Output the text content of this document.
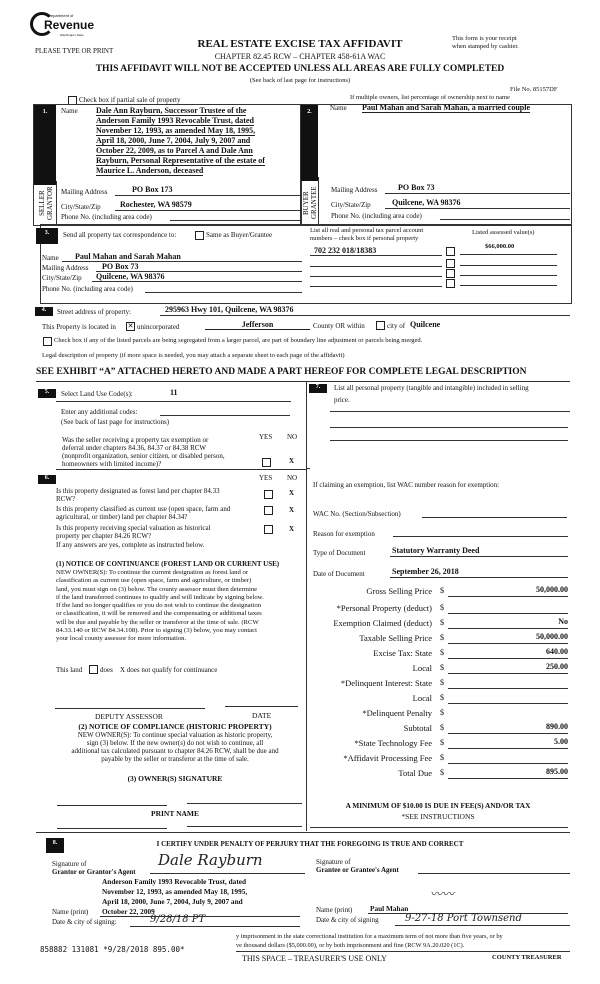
Department of
Revenue
Washington State
PLEASE TYPE OR PRINT
REAL ESTATE EXCISE TAX AFFIDAVIT
CHAPTER 82.45 RCW – CHAPTER 458-61A WAC
This form is your receipt
when stamped by cashier.
THIS AFFIDAVIT WILL NOT BE ACCEPTED UNLESS ALL AREAS ARE FULLY COMPLETED
(See back of last page for instructions)
File No. 85157DF
Check box if partial sale of property	If multiple owners, list percentage of ownership next to name
1.
SELLER
GRANTOR
Name Dale Ann Rayburn, Successor Trustee of the
Anderson Family 1993 Revocable Trust, dated
November 12, 1993, as amended May 18, 1995,
April 18, 2000, June 7, 2004, July 9, 2007 and
October 22, 2009, as to Parcel A and Dale Ann
Rayburn, Personal Representative of the estate of
Maurice L. Anderson, deceased
Mailing Address	PO Box 173
City/State/Zip Rochester, WA 98579
Phone No. (including area code)
2.
BUYER
GRANTEE
Name Paul Mahan and Sarah Mahan, a married couple
Mailing Address	PO Box 73
City/State/Zip	Quilcene, WA 98376
Phone No. (including area code)
3.	Send all property tax correspondence to:	Same as Buyer/Grantee
Name Paul Mahan and Sarah Mahan
Mailing Address PO Box 73
City/State/Zip Quilcene, WA 98376
Phone No. (including area code)
List all real and personal tax parcel account
numbers – check box if personal property
Listed assessed value(s)
702 232 018/18383	$66,000.00
4.	Street address of property:	295963 Hwy 101, Quilcene, WA 98376
This Property is located in ✕ unincorporated	Jefferson	County OR within	city of Quilcene
Check box if any of the listed parcels are being segregated from a larger parcel, are part of boundary line adjustment or parcels being merged.
Legal description of property (if more space is needed, you may attach a separate sheet to each page of the affidavit)
SEE EXHIBIT “A” ATTACHED HERETO AND MADE A PART HEREOF FOR COMPLETE LEGAL DESCRIPTION
5.	Select Land Use Code(s):	11
Enter any additional codes:
(See back of last page for instructions)
YES NO
Was the seller receiving a property tax exemption or
deferral under chapters 84.36, 84.37 or 84.38 RCW
(nonprofit organization, senior citizen, or disabled person,
homeowners with limited income)?	X
6.	YES NO
Is this property designated as forest land per chapter 84.33
RCW?
X
Is this property classified as current use (open space, farm and
agricultural, or timber) land per chapter 84.34?
X
Is this property receiving special valuation as historical
property per chapter 84.26 RCW?
X
If any answers are yes, complete as instructed below.
(1) NOTICE OF CONTINUANCE (FOREST LAND OR CURRENT USE)
NEW OWNER(S): To continue the current designation as forest land or
classification as current use (open space, farm and agriculture, or timber)
land, you must sign on (3) below. The county assessor must then determine
if the land transferred continues to qualify and will indicate by signing below.
If the land no longer qualifies or you do not wish to continue the designation
or classification, it will be removed and the compensating or additional taxes
will be due and payable by the seller or transferor at the time of sale. (RCW
84.33.140 or RCW 84.34.108). Prior to signing (3) below, you may contact
your local county assessor for more information.
This land	does X does not qualify for continuance
DEPUTY ASSESSOR	DATE
(2) NOTICE OF COMPLIANCE (HISTORIC PROPERTY)
NEW OWNER(S): To continue special valuation as historic property,
sign (3) below. If the new owner(s) do not wish to continue, all
additional tax calculated pursuant to chapter 84.26 RCW, shall be due and
payable by the seller or transferor at the time of sale.
(3) OWNER(S) SIGNATURE
PRINT NAME
7.	List all personal property (tangible and intangible) included in selling
price.
If claiming an exemption, list WAC number reason for exemption:
WAC No. (Section/Subsection)
Reason for exemption
Type of Document	Statutory Warranty Deed
Date of Document	September 26, 2018
Gross Selling Price $	50,000.00
*Personal Property (deduct) $
Exemption Claimed (deduct) $	No
Taxable Selling Price $	50,000.00
Excise Tax: State $	640.00
Local $	250.00
*Delinquent Interest: State $
Local $
*Delinquent Penalty $
Subtotal $	890.00
*State Technology Fee $	5.00
*Affidavit Processing Fee $
Total Due $	895.00
A MINIMUM OF $10.00 IS DUE IN FEE(S) AND/OR TAX
*SEE INSTRUCTIONS
8.	I CERTIFY UNDER PENALTY OF PERJURY THAT THE FOREGOING IS TRUE AND CORRECT
Signature of
Grantor or Grantor's Agent
Dale Rayburn
Anderson Family 1993 Revocable Trust, dated
November 12, 1993, as amended May 18, 1995,
April 18, 2000, June 7, 2004, July 9, 2007 and
Name (print) October 22, 2009
Date & city of signing:	9/28/18 PT
Signature of
Grantee or Grantee's Agent
〰〰
Name (print) Paul Mahan
Date & city of signing	9-27-18 Port Townsend
y imprisonment in the state correctional institution for a maximum term of not more than five years, or by
ve thousand dollars ($5,000.00), or by both imprisonment and fine (RCW 9A.20.020 (1C).
858882 131081 *9/28/2018 895.00*
THIS SPACE – TREASURER'S USE ONLY	COUNTY TREASURER
